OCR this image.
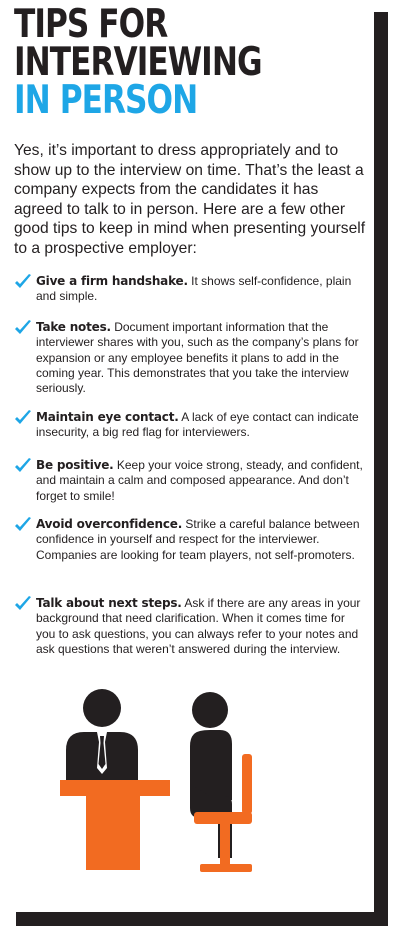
TIPS FOR
INTERVIEWING
IN PERSON

Yes, it’s important to dress appropriately and to show up to the interview on time. That’s the least a company expects from the candidates it has agreed to talk to in person. Here are a few other good tips to keep in mind when presenting yourself to a prospective employer:

Give a firm handshake. It shows self-confidence, plain and simple.
Take notes. Document important information that the interviewer shares with you, such as the company’s plans for expansion or any employee benefits it plans to add in the coming year. This demonstrates that you take the interview seriously.
Maintain eye contact. A lack of eye contact can indicate insecurity, a big red flag for interviewers.
Be positive. Keep your voice strong, steady, and confident, and maintain a calm and composed appearance. And don’t forget to smile!
Avoid overconfidence. Strike a careful balance between confidence in yourself and respect for the interviewer. Companies are looking for team players, not self-promoters.
Talk about next steps. Ask if there are any areas in your background that need clarification. When it comes time for you to ask questions, you can always refer to your notes and ask questions that weren’t answered during the interview.
